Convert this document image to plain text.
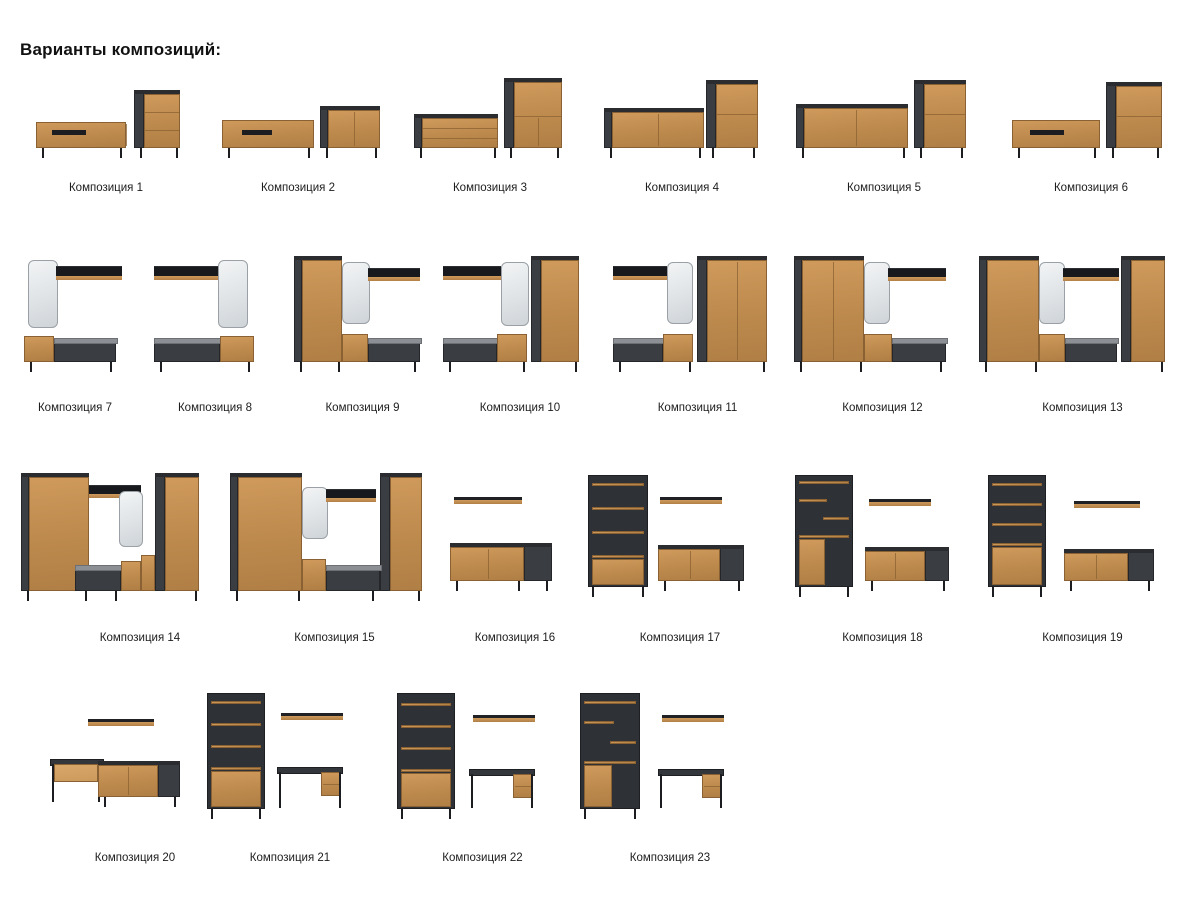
Варианты композиций:
Композиция 1	Композиция 2	Композиция 3	Композиция 4	Композиция 5	Композиция 6
Композиция 7	Композиция 8	Композиция 9	Композиция 10	Композиция 11	Композиция 12	Композиция 13
Композиция 14	Композиция 15	Композиция 16	Композиция 17	Композиция 18	Композиция 19
Композиция 20	Композиция 21	Композиция 22	Композиция 23
